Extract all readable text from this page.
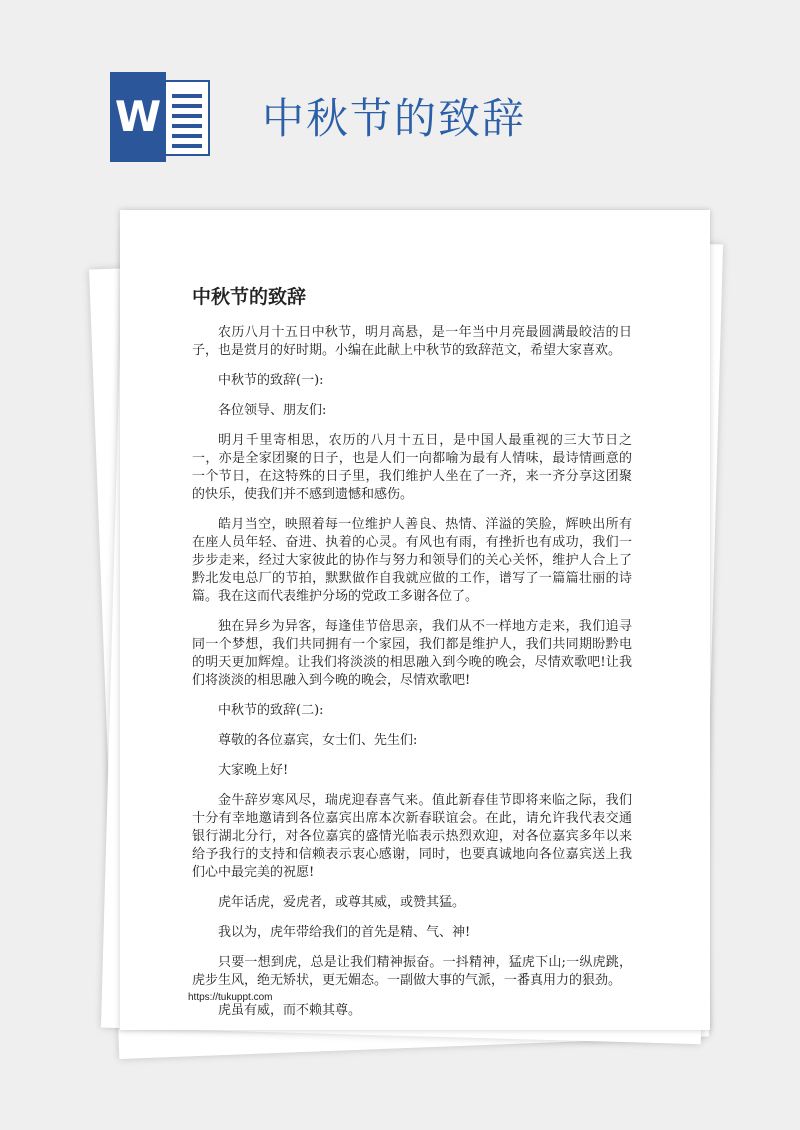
W 中秋节的致辞
中秋节的致辞

农历八月十五日中秋节，明月高悬，是一年当中月亮最圆满最皎洁的日子，也是赏月的好时期。小编在此献上中秋节的致辞范文，希望大家喜欢。

中秋节的致辞(一):

各位领导、朋友们:

明月千里寄相思，农历的八月十五日，是中国人最重视的三大节日之一，亦是全家团聚的日子，也是人们一向都喻为最有人情味，最诗情画意的一个节日，在这特殊的日子里，我们维护人坐在了一齐，来一齐分享这团聚的快乐，使我们并不感到遗憾和感伤。

皓月当空，映照着每一位维护人善良、热情、洋溢的笑脸，辉映出所有在座人员年轻、奋进、执着的心灵。有风也有雨，有挫折也有成功，我们一步步走来，经过大家彼此的协作与努力和领导们的关心关怀，维护人合上了黔北发电总厂的节拍，默默做作自我就应做的工作，谱写了一篇篇壮丽的诗篇。我在这而代表维护分场的党政工多谢各位了。

独在异乡为异客，每逢佳节倍思亲，我们从不一样地方走来，我们追寻同一个梦想，我们共同拥有一个家园，我们都是维护人，我们共同期盼黔电的明天更加辉煌。让我们将淡淡的相思融入到今晚的晚会，尽情欢歌吧!让我们将淡淡的相思融入到今晚的晚会，尽情欢歌吧!

中秋节的致辞(二):

尊敬的各位嘉宾，女士们、先生们:

大家晚上好!

金牛辞岁寒风尽，瑞虎迎春喜气来。值此新春佳节即将来临之际，我们十分有幸地邀请到各位嘉宾出席本次新春联谊会。在此，请允许我代表交通银行湖北分行，对各位嘉宾的盛情光临表示热烈欢迎，对各位嘉宾多年以来给予我行的支持和信赖表示衷心感谢，同时，也要真诚地向各位嘉宾送上我们心中最完美的祝愿!

虎年话虎，爱虎者，或尊其威，或赞其猛。

我以为，虎年带给我们的首先是精、气、神!

只要一想到虎，总是让我们精神振奋。一抖精神，猛虎下山;一纵虎跳，虎步生风，绝无矫状，更无媚态。一副做大事的气派，一番真用力的狠劲。

虎虽有威，而不赖其尊。

https://tukuppt.com
